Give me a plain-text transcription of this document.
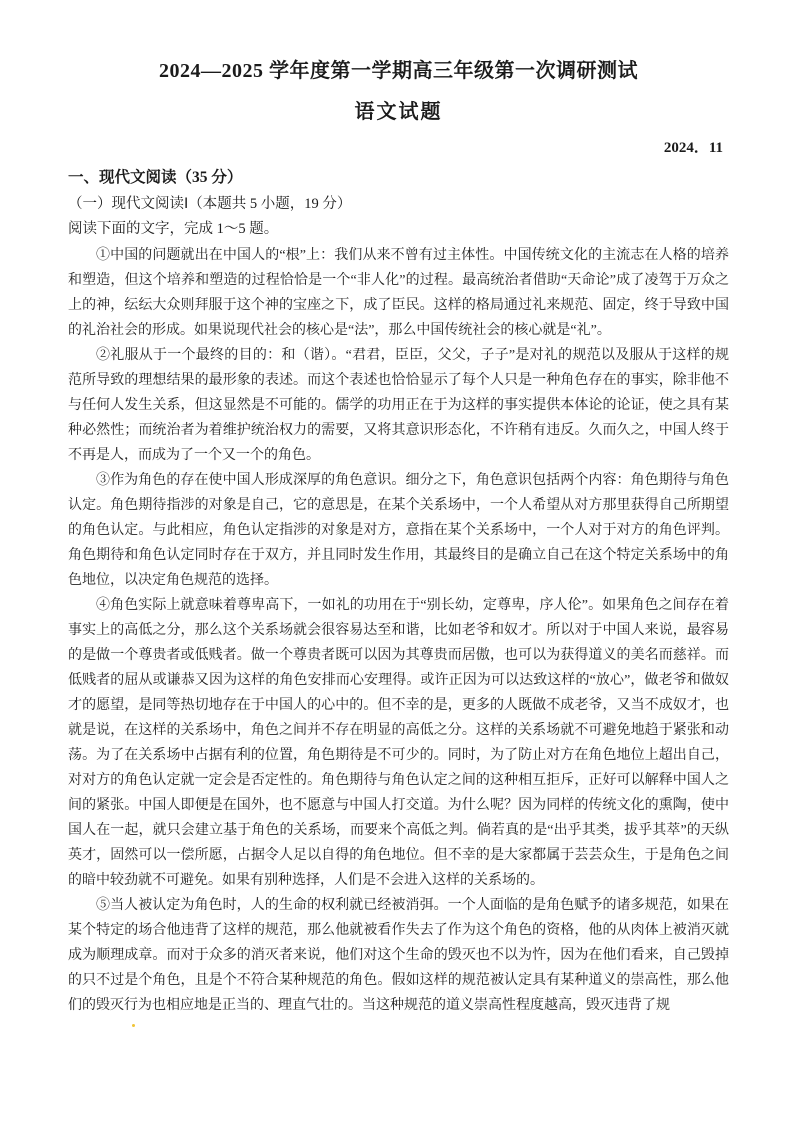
2024—2025 学年度第一学期高三年级第一次调研测试
语文试题
2024．11
一、现代文阅读（35 分）
（一）现代文阅读Ⅰ（本题共 5 小题，19 分）
阅读下面的文字，完成 1～5 题。

①中国的问题就出在中国人的“根”上：我们从来不曾有过主体性。中国传统文化的主流志在人格的培养和塑造，但这个培养和塑造的过程恰恰是一个“非人化”的过程。最高统治者借助“天命论”成了凌驾于万众之上的神，纭纭大众则拜服于这个神的宝座之下，成了臣民。这样的格局通过礼来规范、固定，终于导致中国的礼治社会的形成。如果说现代社会的核心是“法”，那么中国传统社会的核心就是“礼”。

②礼服从于一个最终的目的：和（谐）。“君君，臣臣，父父，子子”是对礼的规范以及服从于这样的规范所导致的理想结果的最形象的表述。而这个表述也恰恰显示了每个人只是一种角色存在的事实，除非他不与任何人发生关系，但这显然是不可能的。儒学的功用正在于为这样的事实提供本体论的论证，使之具有某种必然性；而统治者为着维护统治权力的需要，又将其意识形态化，不许稍有违反。久而久之，中国人终于不再是人，而成为了一个又一个的角色。

③作为角色的存在使中国人形成深厚的角色意识。细分之下，角色意识包括两个内容：角色期待与角色认定。角色期待指涉的对象是自己，它的意思是，在某个关系场中，一个人希望从对方那里获得自己所期望的角色认定。与此相应，角色认定指涉的对象是对方，意指在某个关系场中，一个人对于对方的角色评判。角色期待和角色认定同时存在于双方，并且同时发生作用，其最终目的是确立自己在这个特定关系场中的角色地位，以决定角色规范的选择。

④角色实际上就意味着尊卑高下，一如礼的功用在于“别长幼，定尊卑，序人伦”。如果角色之间存在着事实上的高低之分，那么这个关系场就会很容易达至和谐，比如老爷和奴才。所以对于中国人来说，最容易的是做一个尊贵者或低贱者。做一个尊贵者既可以因为其尊贵而居傲，也可以为获得道义的美名而慈祥。而低贱者的屈从或谦恭又因为这样的角色安排而心安理得。或许正因为可以达致这样的“放心”，做老爷和做奴才的愿望，是同等热切地存在于中国人的心中的。但不幸的是，更多的人既做不成老爷，又当不成奴才，也就是说，在这样的关系场中，角色之间并不存在明显的高低之分。这样的关系场就不可避免地趋于紧张和动荡。为了在关系场中占据有利的位置，角色期待是不可少的。同时，为了防止对方在角色地位上超出自己，对对方的角色认定就一定会是否定性的。角色期待与角色认定之间的这种相互拒斥，正好可以解释中国人之间的紧张。中国人即便是在国外，也不愿意与中国人打交道。为什么呢？因为同样的传统文化的熏陶，使中国人在一起，就只会建立基于角色的关系场，而要来个高低之判。倘若真的是“出乎其类，拔乎其萃”的天纵英才，固然可以一偿所愿，占据令人足以自得的角色地位。但不幸的是大家都属于芸芸众生，于是角色之间的暗中较劲就不可避免。如果有别种选择，人们是不会进入这样的关系场的。

⑤当人被认定为角色时，人的生命的权利就已经被消弭。一个人面临的是角色赋予的诸多规范，如果在某个特定的场合他违背了这样的规范，那么他就被看作失去了作为这个角色的资格，他的从肉体上被消灭就成为顺理成章。而对于众多的消灭者来说，他们对这个生命的毁灭也不以为忤，因为在他们看来，自己毁掉的只不过是个角色，且是个不符合某种规范的角色。假如这样的规范被认定具有某种道义的崇高性，那么他们的毁灭行为也相应地是正当的、理直气壮的。当这种规范的道义崇高性程度越高，毁灭违背了规
